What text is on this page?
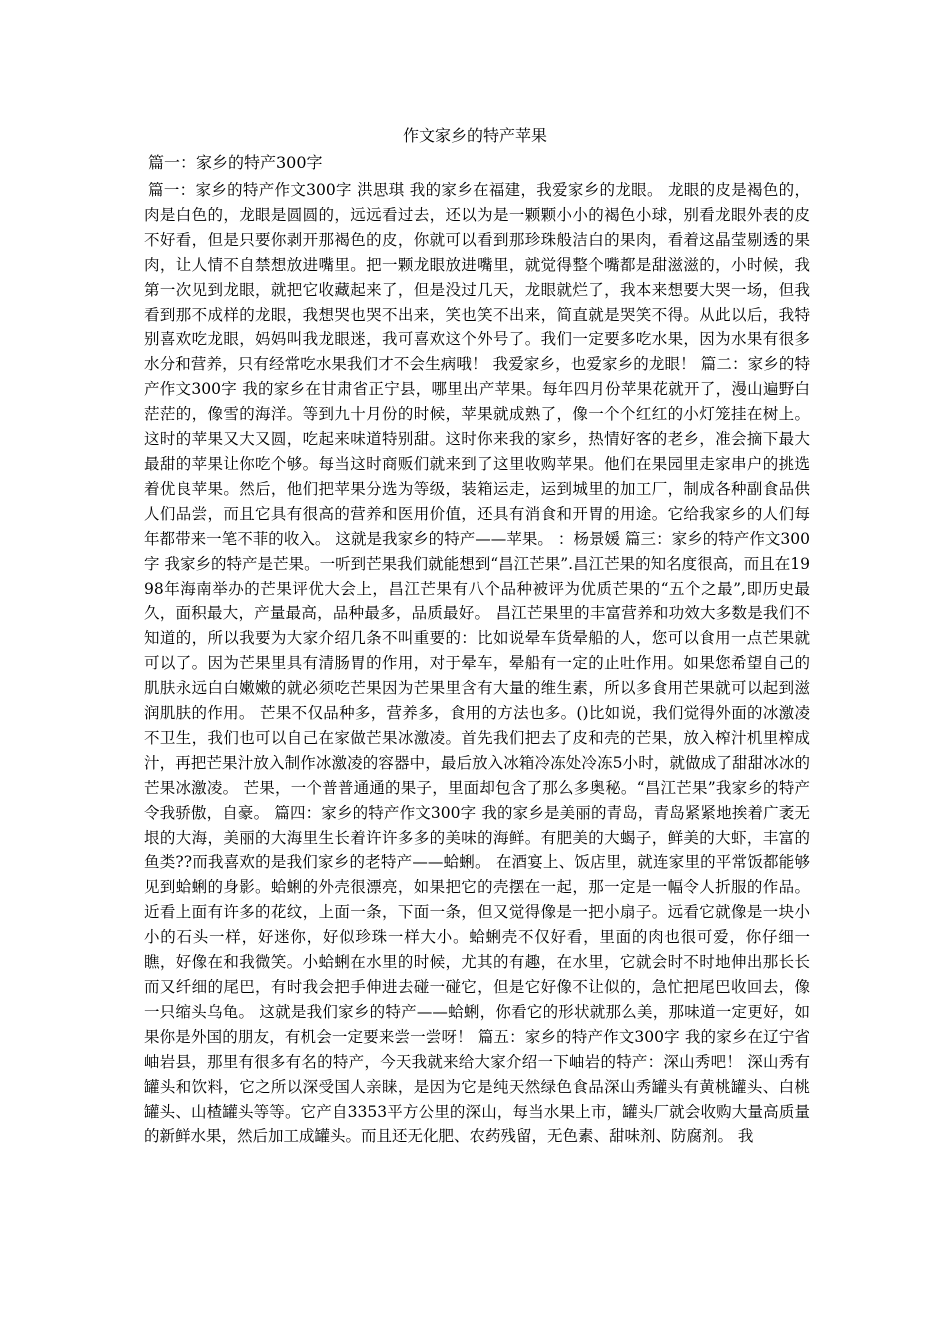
作文家乡的特产苹果
篇一：家乡的特产300字
篇一：家乡的特产作文300字 洪思琪 我的家乡在福建，我爱家乡的龙眼。 龙眼的皮是褐色的，肉是白色的，龙眼是圆圆的，远远看过去，还以为是一颗颗小小的褐色小球，别看龙眼外表的皮不好看，但是只要你剥开那褐色的皮，你就可以看到那珍珠般洁白的果肉，看着这晶莹剔透的果肉，让人情不自禁想放进嘴里。把一颗龙眼放进嘴里，就觉得整个嘴都是甜滋滋的，小时候，我第一次见到龙眼，就把它收藏起来了，但是没过几天，龙眼就烂了，我本来想要大哭一场，但我看到那不成样的龙眼，我想哭也哭不出来，笑也笑不出来，简直就是哭笑不得。从此以后，我特别喜欢吃龙眼，妈妈叫我龙眼迷，我可喜欢这个外号了。我们一定要多吃水果，因为水果有很多水分和营养，只有经常吃水果我们才不会生病哦！ 我爱家乡，也爱家乡的龙眼！ 篇二：家乡的特产作文300字 我的家乡在甘肃省正宁县，哪里出产苹果。每年四月份苹果花就开了，漫山遍野白茫茫的，像雪的海洋。等到九十月份的时候，苹果就成熟了，像一个个红红的小灯笼挂在树上。这时的苹果又大又圆，吃起来味道特别甜。这时你来我的家乡，热情好客的老乡，准会摘下最大最甜的苹果让你吃个够。每当这时商贩们就来到了这里收购苹果。他们在果园里走家串户的挑选着优良苹果。然后，他们把苹果分选为等级，装箱运走，运到城里的加工厂，制成各种副食品供人们品尝，而且它具有很高的营养和医用价值，还具有消食和开胃的用途。它给我家乡的人们每年都带来一笔不菲的收入。 这就是我家乡的特产——苹果。 ：杨景媛 篇三：家乡的特产作文300字 我家乡的特产是芒果。一听到芒果我们就能想到“昌江芒果”.昌江芒果的知名度很高，而且在1998年海南举办的芒果评优大会上，昌江芒果有八个品种被评为优质芒果的“五个之最”,即历史最久，面积最大，产量最高，品种最多，品质最好。 昌江芒果里的丰富营养和功效大多数是我们不知道的，所以我要为大家介绍几条不叫重要的：比如说晕车货晕船的人，您可以食用一点芒果就可以了。因为芒果里具有清肠胃的作用，对于晕车，晕船有一定的止吐作用。如果您希望自己的肌肤永远白白嫩嫩的就必须吃芒果因为芒果里含有大量的维生素，所以多食用芒果就可以起到滋润肌肤的作用。 芒果不仅品种多，营养多，食用的方法也多。()比如说，我们觉得外面的冰激凌不卫生，我们也可以自己在家做芒果冰激凌。首先我们把去了皮和壳的芒果，放入榨汁机里榨成汁，再把芒果汁放入制作冰激凌的容器中，最后放入冰箱冷冻处冷冻5小时，就做成了甜甜冰冰的芒果冰激凌。 芒果，一个普普通通的果子，里面却包含了那么多奥秘。“昌江芒果”我家乡的特产令我骄傲，自豪。 篇四：家乡的特产作文300字 我的家乡是美丽的青岛，青岛紧紧地挨着广袤无垠的大海，美丽的大海里生长着许许多多的美味的海鲜。有肥美的大蝎子，鲜美的大虾，丰富的鱼类??而我喜欢的是我们家乡的老特产——蛤蜊。 在酒宴上、饭店里，就连家里的平常饭都能够见到蛤蜊的身影。蛤蜊的外壳很漂亮，如果把它的壳摆在一起，那一定是一幅令人折服的作品。近看上面有许多的花纹，上面一条，下面一条，但又觉得像是一把小扇子。远看它就像是一块小小的石头一样，好迷你，好似珍珠一样大小。蛤蜊壳不仅好看，里面的肉也很可爱，你仔细一瞧，好像在和我微笑。小蛤蜊在水里的时候，尤其的有趣，在水里，它就会时不时地伸出那长长而又纤细的尾巴，有时我会把手伸进去碰一碰它，但是它好像不让似的，急忙把尾巴收回去，像一只缩头乌龟。 这就是我们家乡的特产——蛤蜊，你看它的形状就那么美，那味道一定更好，如果你是外国的朋友，有机会一定要来尝一尝呀！ 篇五：家乡的特产作文300字 我的家乡在辽宁省岫岩县，那里有很多有名的特产，今天我就来给大家介绍一下岫岩的特产：深山秀吧！ 深山秀有罐头和饮料，它之所以深受国人亲睐，是因为它是纯天然绿色食品深山秀罐头有黄桃罐头、白桃罐头、山楂罐头等等。它产自3353平方公里的深山，每当水果上市，罐头厂就会收购大量高质量的新鲜水果，然后加工成罐头。而且还无化肥、农药残留，无色素、甜味剂、防腐剂。 我
